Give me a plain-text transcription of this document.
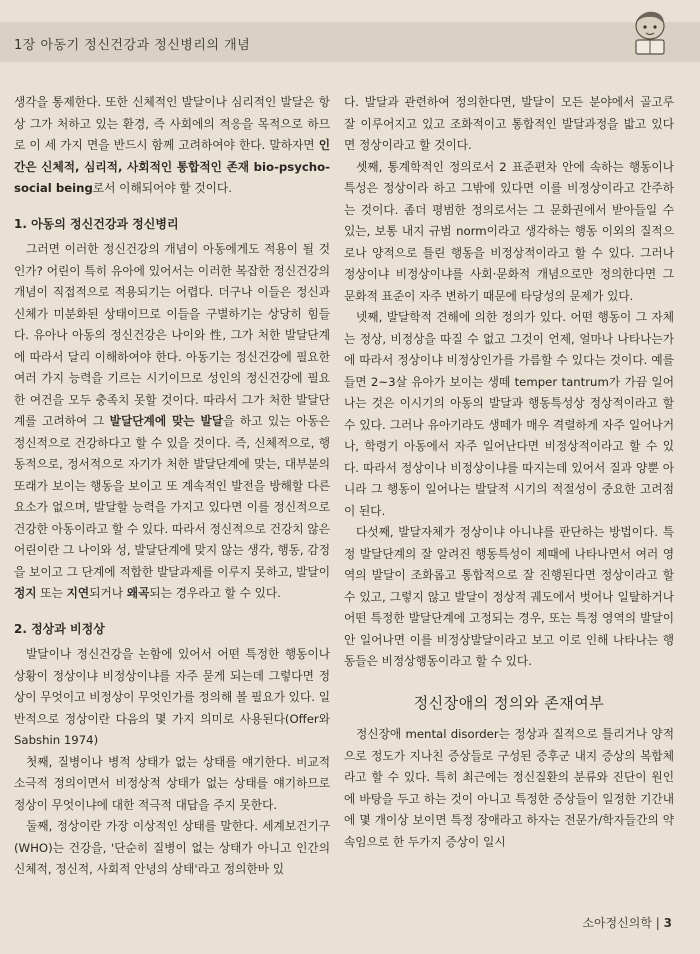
1장 아동기 정신건강과 정신병리의 개념

생각을 통제한다. 또한 신체적인 발달이나 심리적인 발달은 항상 그가 처하고 있는 환경, 즉 사회에의 적응을 목적으로 하므로 이 세 가지 면을 반드시 함께 고려하여야 한다. 말하자면 인간은 신체적, 심리적, 사회적인 통합적인 존재 bio-psycho-social being로서 이해되어야 할 것이다.

1. 아동의 정신건강과 정신병리

그러면 이러한 정신건강의 개념이 아동에게도 적용이 될 것인가? 어린이 특히 유아에 있어서는 이러한 복잡한 정신건강의 개념이 직접적으로 적용되기는 어렵다. 더구나 이들은 정신과 신체가 미분화된 상태이므로 이들을 구별하기는 상당히 힘들다. 유아나 아동의 정신건강은 나이와 性, 그가 처한 발달단계에 따라서 달리 이해하여야 한다. 아동기는 정신건강에 필요한 여러 가지 능력을 기르는 시기이므로 성인의 정신건강에 필요한 여건을 모두 충족치 못할 것이다. 따라서 그가 처한 발달단계를 고려하여 그 발달단계에 맞는 발달을 하고 있는 아동은 정신적으로 건강하다고 할 수 있을 것이다. 즉, 신체적으로, 행동적으로, 정서적으로 자기가 처한 발달단계에 맞는, 대부분의 또래가 보이는 행동을 보이고 또 계속적인 발전을 방해할 다른 요소가 없으며, 발달할 능력을 가지고 있다면 이를 정신적으로 건강한 아동이라고 할 수 있다. 따라서 정신적으로 건강치 않은 어린이란 그 나이와 성, 발달단계에 맞지 않는 생각, 행동, 감정을 보이고 그 단계에 적합한 발달과제를 이루지 못하고, 발달이 정지 또는 지연되거나 왜곡되는 경우라고 할 수 있다.

2. 정상과 비정상

발달이나 정신건강을 논함에 있어서 어떤 특정한 행동이나 상황이 정상이냐 비정상이냐를 자주 묻게 되는데 그렇다면 정상이 무엇이고 비정상이 무엇인가를 정의해 볼 필요가 있다. 일반적으로 정상이란 다음의 몇 가지 의미로 사용된다(Offer와 Sabshin 1974)

첫째, 질병이나 병적 상태가 없는 상태를 얘기한다. 비교적 소극적 정의이면서 비정상적 상태가 없는 상태를 얘기하므로 정상이 무엇이냐에 대한 적극적 대답을 주지 못한다.

둘째, 정상이란 가장 이상적인 상태를 말한다. 세계보건기구(WHO)는 건강을, '단순히 질병이 없는 상태가 아니고 인간의 신체적, 정신적, 사회적 안녕의 상태'라고 정의한바 있

다. 발달과 관련하여 정의한다면, 발달이 모든 분야에서 골고루 잘 이루어지고 있고 조화적이고 통합적인 발달과정을 밟고 있다면 정상이라고 할 것이다.

셋째, 통계학적인 정의로서 2 표준편차 안에 속하는 행동이나 특성은 정상이라 하고 그밖에 있다면 이를 비정상이라고 간주하는 것이다. 좀더 평범한 정의로서는 그 문화권에서 받아들일 수 있는, 보통 내지 규범 norm이라고 생각하는 행동 이외의 질적으로나 양적으로 틀린 행동을 비정상적이라고 할 수 있다. 그러나 정상이냐 비정상이냐를 사회·문화적 개념으로만 정의한다면 그 문화적 표준이 자주 변하기 때문에 타당성의 문제가 있다.

넷째, 발달학적 견해에 의한 정의가 있다. 어떤 행동이 그 자체는 정상, 비정상을 따질 수 없고 그것이 언제, 얼마나 나타나는가에 따라서 정상이냐 비정상인가를 가름할 수 있다는 것이다. 예를 들면 2~3살 유아가 보이는 생떼 temper tantrum가 가끔 일어나는 것은 이시기의 아동의 발달과 행동특성상 정상적이라고 할 수 있다. 그러나 유아기라도 생떼가 매우 격렬하게 자주 일어나거나, 학령기 아동에서 자주 일어난다면 비정상적이라고 할 수 있다. 따라서 정상이나 비정상이냐를 따지는데 있어서 질과 양뿐 아니라 그 행동이 일어나는 발달적 시기의 적절성이 중요한 고려점이 된다.

다섯째, 발달자체가 정상이냐 아니냐를 판단하는 방법이다. 특정 발달단계의 잘 알려진 행동특성이 제때에 나타나면서 여러 영역의 발달이 조화롭고 통합적으로 잘 진행된다면 정상이라고 할 수 있고, 그렇지 않고 발달이 정상적 궤도에서 벗어나 일탈하거나 어떤 특정한 발달단계에 고정되는 경우, 또는 특정 영역의 발달이 안 일어나면 이를 비정상발달이라고 보고 이로 인해 나타나는 행동들은 비정상행동이라고 할 수 있다.

정신장애의 정의와 존재여부

정신장애 mental disorder는 정상과 질적으로 틀리거나 양적으로 정도가 지나친 증상들로 구성된 증후군 내지 증상의 복합체라고 할 수 있다. 특히 최근에는 정신질환의 분류와 진단이 원인에 바탕을 두고 하는 것이 아니고 특정한 증상들이 일정한 기간내에 몇 개이상 보이면 특정 장애라고 하자는 전문가/학자들간의 약속임으로 한 두가지 증상이 일시

소아정신의학 | 3
